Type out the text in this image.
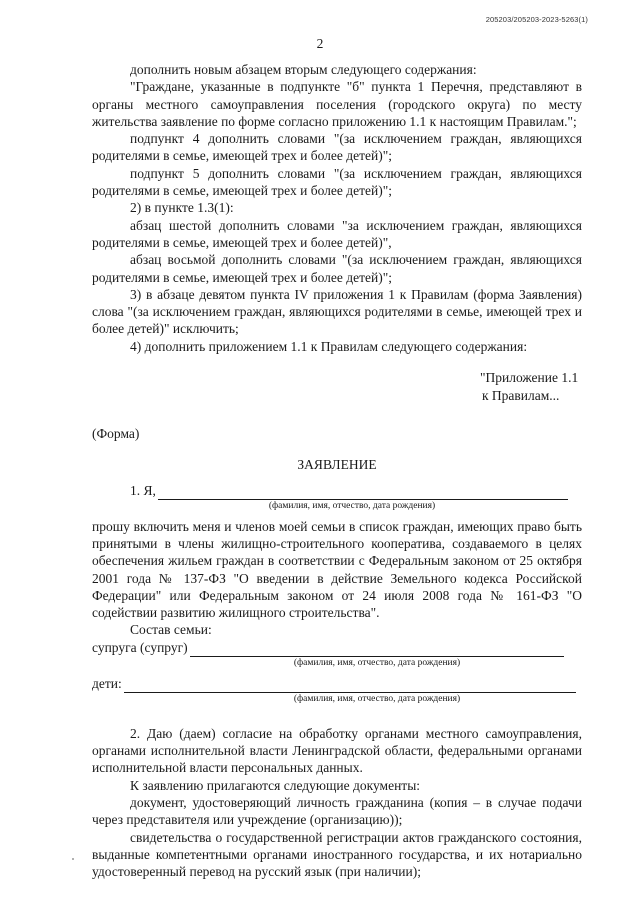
205203/205203-2023-5263(1)
2

дополнить новым абзацем вторым следующего содержания:

"Граждане, указанные в подпункте "б" пункта 1 Перечня, представляют в органы местного самоуправления поселения (городского округа) по месту жительства заявление по форме согласно приложению 1.1 к настоящим Правилам.";

подпункт 4 дополнить словами "(за исключением граждан, являющихся родителями в семье, имеющей трех и более детей)";

подпункт 5 дополнить словами "(за исключением граждан, являющихся родителями в семье, имеющей трех и более детей)";

2) в пункте 1.3(1):

абзац шестой дополнить словами "за исключением граждан, являющихся родителями в семье, имеющей трех и более детей)",

абзац восьмой дополнить словами "(за исключением граждан, являющихся родителями в семье, имеющей трех и более детей)";

3) в абзаце девятом пункта IV приложения 1 к Правилам (форма Заявления) слова "(за исключением граждан, являющихся родителями в семье, имеющей трех и более детей)" исключить;

4) дополнить приложением 1.1 к Правилам следующего содержания:

"Приложение 1.1
к Правилам...

(Форма)

ЗАЯВЛЕНИЕ

1. Я,
(фамилия, имя, отчество, дата рождения)

прошу включить меня и членов моей семьи в список граждан, имеющих право быть принятыми в члены жилищно-строительного кооператива, создаваемого в целях обеспечения жильем граждан в соответствии с Федеральным законом от 25 октября 2001 года № 137-ФЗ "О введении в действие Земельного кодекса Российской Федерации" или Федеральным законом от 24 июля 2008 года № 161-ФЗ "О содействии развитию жилищного строительства".

Состав семьи:

супруга (супруг)
(фамилия, имя, отчество, дата рождения)
дети:
(фамилия, имя, отчество, дата рождения)

2. Даю (даем) согласие на обработку органами местного самоуправления, органами исполнительной власти Ленинградской области, федеральными органами исполнительной власти персональных данных.

К заявлению прилагаются следующие документы:

документ, удостоверяющий личность гражданина (копия – в случае подачи через представителя или учреждение (организацию));

свидетельства о государственной регистрации актов гражданского состояния, выданные компетентными органами иностранного государства, и их нотариально удостоверенный перевод на русский язык (при наличии);
